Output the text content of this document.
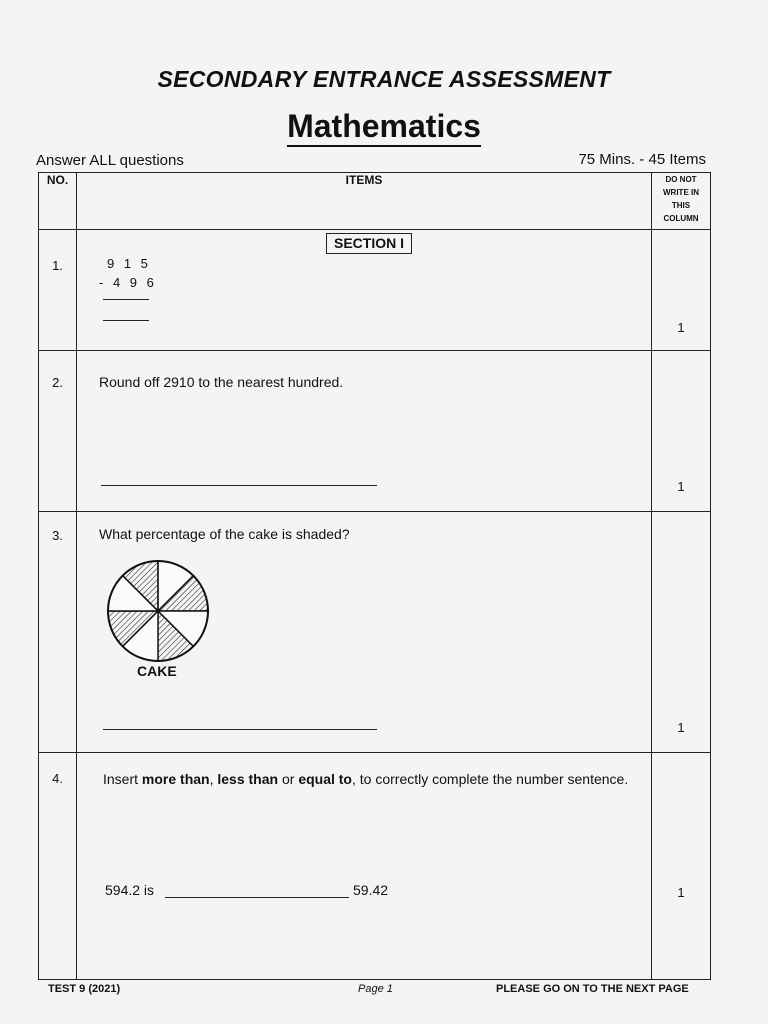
SECONDARY ENTRANCE ASSESSMENT
Mathematics
Answer ALL questions	75 Mins. - 45 Items
NO.	ITEMS	DO NOT
WRITE IN
THIS
COLUMN

1.	SECTION I
9 1 5
- 4 9 6	1

2.	Round off 2910 to the nearest hundred.	1

3.	What percentage of the cake is shaded?
CAKE	1

4.	Insert more than, less than or equal to, to correctly complete the number sentence.
594.2 is 59.42	1
TEST 9 (2021)	Page 1	PLEASE GO ON TO THE NEXT PAGE
